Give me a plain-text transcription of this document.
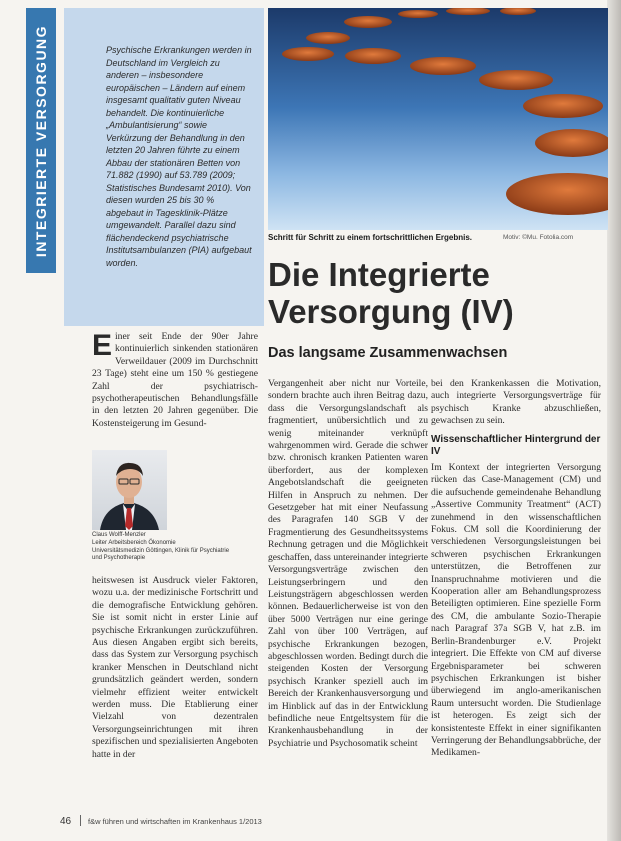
INTEGRIERTE VERSORGUNG	Psychische Erkrankungen werden in Deutschland im Vergleich zu anderen – insbesondere europäischen – Ländern auf einem insgesamt qualitativ guten Niveau behandelt. Die kontinuierliche „Ambulantisierung“ sowie Verkürzung der Behandlung in den letzten 20 Jahren führte zu einem Abbau der stationären Betten von 71.882 (1990) auf 53.789 (2009; Statistisches Bundesamt 2010). Von diesen wurden 25 bis 30 % abgebaut in Tagesklinik-Plätze umgewandelt. Parallel dazu sind flächendeckend psychiatrische Institutsambulanzen (PIA) aufgebaut worden.
Schritt für Schritt zu einem fortschrittlichen Ergebnis.	Motiv: ©Mu. Fotolia.com
Die Integrierte
Versorgung (IV)
Das langsame Zusammenwachsen
E iner seit Ende der 90er Jahre kontinuierlich sinkenden stationären Verweildauer (2009 im Durchschnitt 23 Tage) steht eine um 150 % gestiegene Zahl der psychiatrisch-psychotherapeutischen Behandlungsfälle in den letzten 20 Jahren gegenüber. Die Kostensteigerung im Gesund-
Claus Wolff-Menzler
Leiter Arbeitsbereich Ökonomie
Universitätsmedizin Göttingen, Klinik für Psychiatrie
und Psychotherapie
heitswesen ist Ausdruck vieler Faktoren, wozu u.a. der medizinische Fortschritt und die demografische Entwicklung gehören. Sie ist somit nicht in erster Linie auf psychische Erkrankungen zurückzuführen. Aus diesen Angaben ergibt sich bereits, dass das System zur Versorgung psychisch kranker Menschen in Deutschland nicht grundsätzlich geändert werden, sondern vielmehr effizient weiter entwickelt werden muss. Die Etablierung einer Vielzahl von dezentralen Versorgungseinrichtungen mit ihren spezifischen und spezialisierten Angeboten hatte in der
Vergangenheit aber nicht nur Vorteile, sondern brachte auch ihren Beitrag dazu, dass die Versorgungslandschaft als fragmentiert, unübersichtlich und zu wenig miteinander verknüpft wahrgenommen wird. Gerade die schwer bzw. chronisch kranken Patienten waren überfordert, aus der komplexen Angebotslandschaft die geeigneten Hilfen in Anspruch zu nehmen. Der Gesetzgeber hat mit einer Neufassung des Paragrafen 140 SGB V der Fragmentierung des Gesundheitssystems Rechnung getragen und die Möglichkeit geschaffen, dass untereinander integrierte Versorgungsverträge zwischen den Leistungserbringern und den Leistungsträgern abgeschlossen werden können. Bedauerlicherweise ist von den über 5000 Verträgen nur eine geringe Zahl von über 100 Verträgen, auf psychische Erkrankungen bezogen, abgeschlossen worden. Bedingt durch die steigenden Kosten der Versorgung psychisch Kranker speziell auch im Bereich der Krankenhausversorgung und im Hinblick auf das in der Entwicklung befindliche neue Entgeltsystem für die Krankenhausbehandlung in der Psychiatrie und Psychosomatik scheint
bei den Krankenkassen die Motivation, auch integrierte Versorgungsverträge für psychisch Kranke abzuschließen, gewachsen zu sein.
Wissenschaftlicher Hintergrund der IV
Im Kontext der integrierten Versorgung rücken das Case-Management (CM) und die aufsuchende gemeindenahe Behandlung „Assertive Community Treatment“ (ACT) zunehmend in den wissenschaftlichen Fokus. CM soll die Koordinierung der verschiedenen Versorgungsleistungen bei schweren psychischen Erkrankungen unterstützen, die Betroffenen zur Inanspruchnahme motivieren und die Kooperation aller am Behandlungsprozess Beteiligten optimieren. Eine spezielle Form des CM, die ambulante Sozio-Therapie nach Paragraf 37a SGB V, hat z.B. im Berlin-Brandenburger e.V. Projekt integriert. Die Effekte von CM auf diverse Ergebnisparameter bei schweren psychischen Erkrankungen ist bisher überwiegend im anglo-amerikanischen Raum untersucht worden. Die Studienlage ist heterogen. Es zeigt sich der konsistenteste Effekt in einer signifikanten Verringerung der Behandlungsabbrüche, der Medikamen-
46 f&w führen und wirtschaften im Krankenhaus 1/2013
